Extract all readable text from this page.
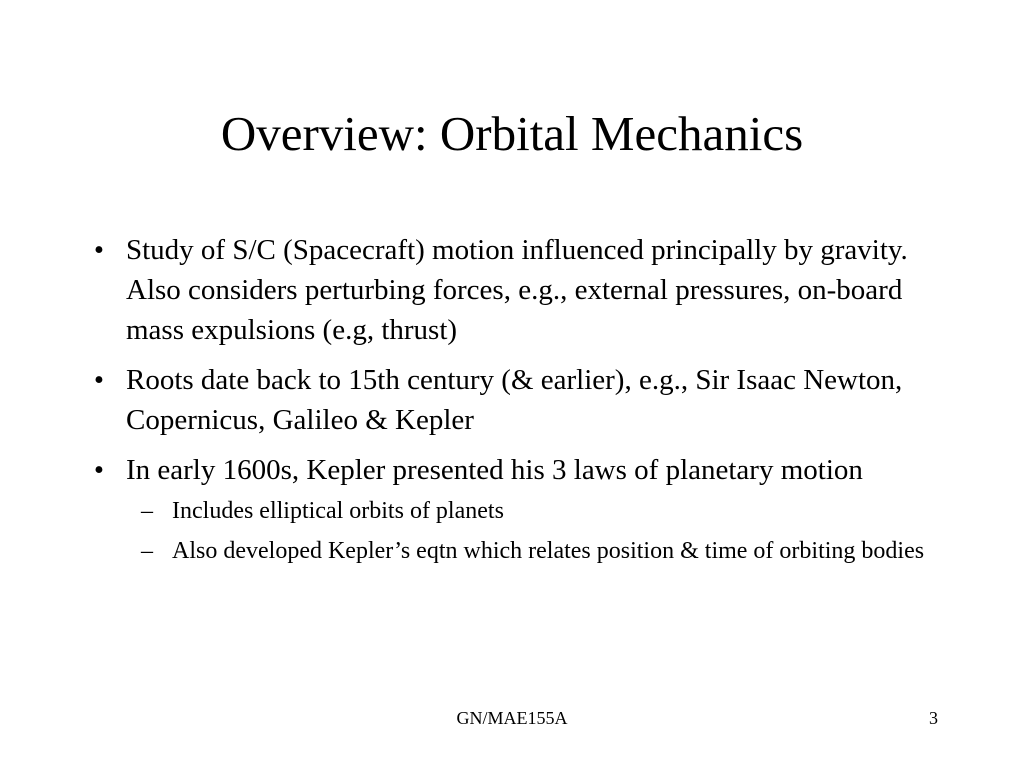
Overview: Orbital Mechanics
• Study of S/C (Spacecraft) motion influenced principally by gravity. Also considers perturbing forces, e.g., external pressures, on-board mass expulsions (e.g, thrust)
• Roots date back to 15th century (& earlier), e.g., Sir Isaac Newton, Copernicus, Galileo & Kepler
• In early 1600s, Kepler presented his 3 laws of planetary motion
– Includes elliptical orbits of planets
– Also developed Kepler’s eqtn which relates position & time of orbiting bodies
GN/MAE155A	3
